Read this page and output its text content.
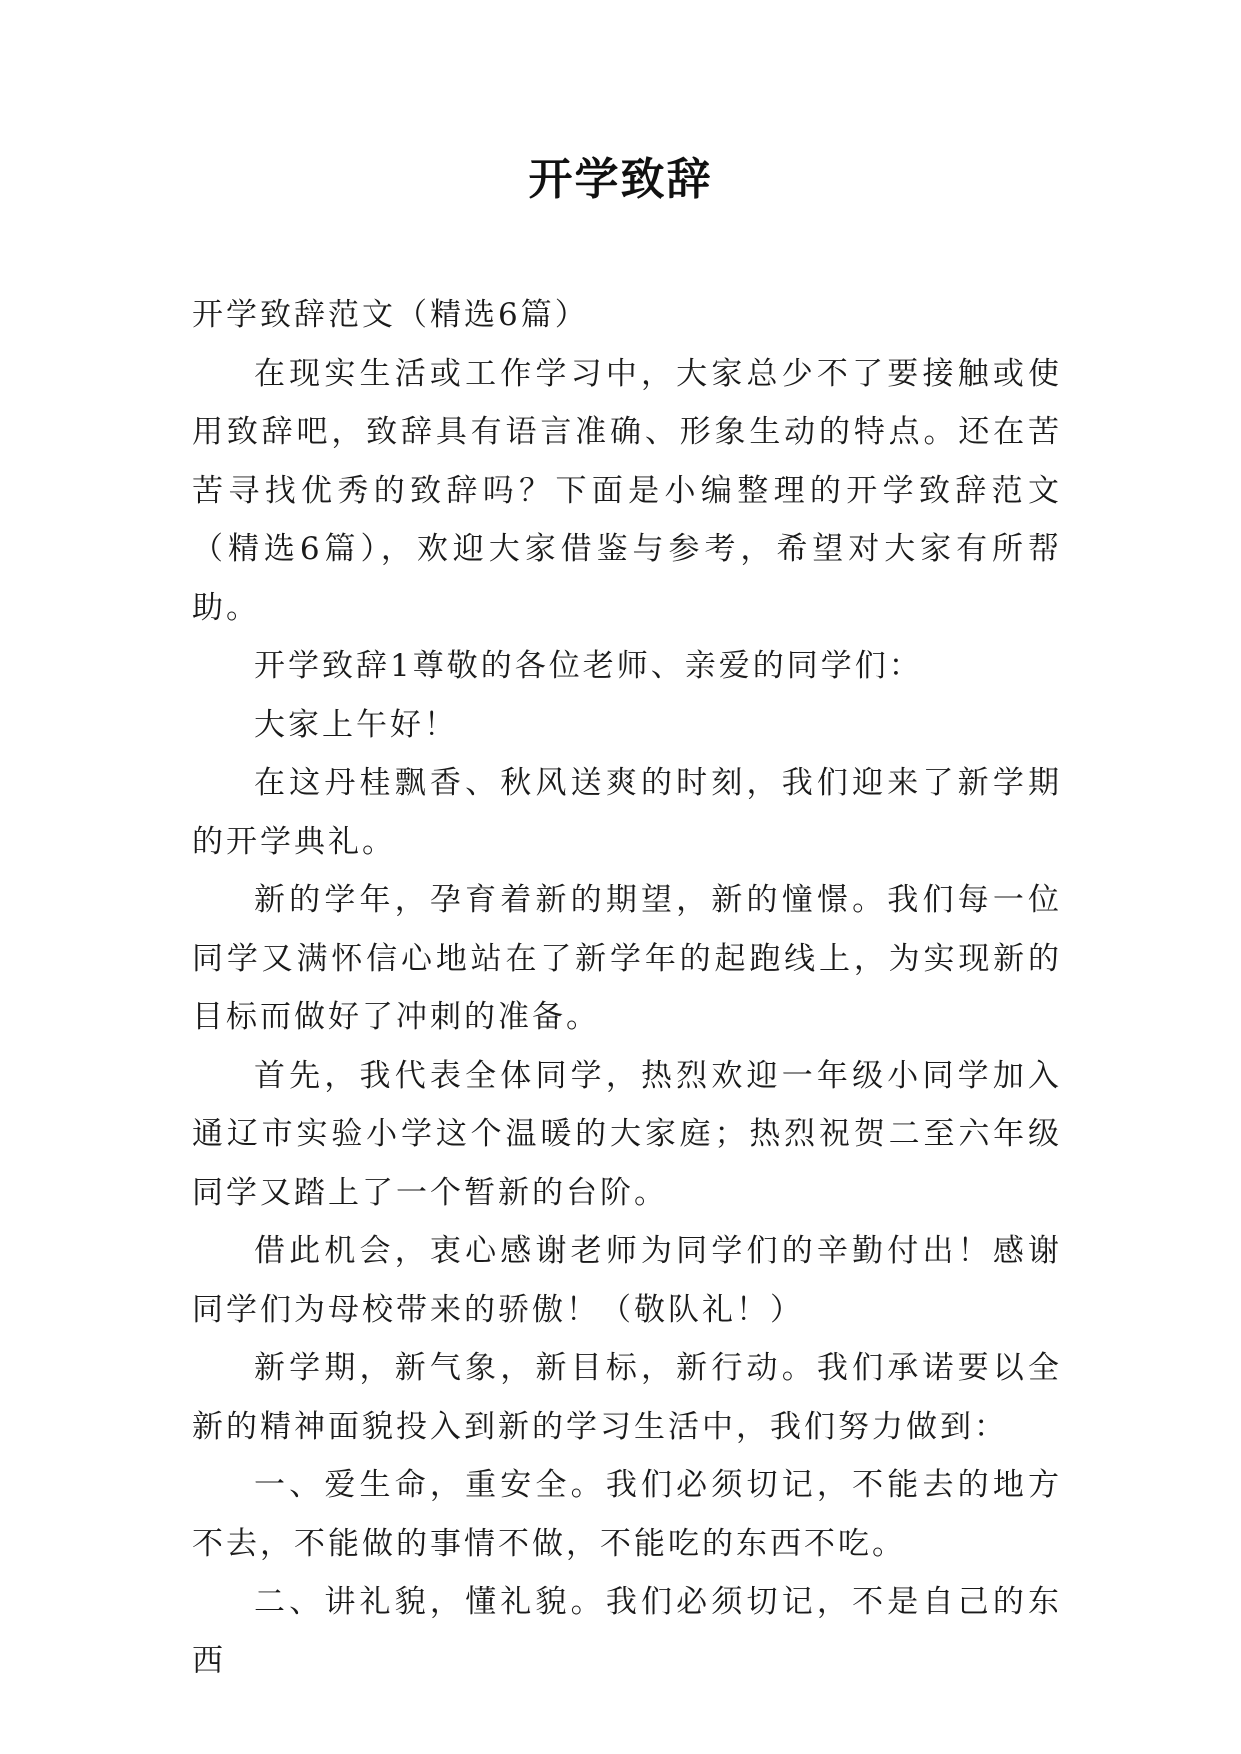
开学致辞

开学致辞范文（精选6篇）

在现实生活或工作学习中，大家总少不了要接触或使用致辞吧，致辞具有语言准确、形象生动的特点。还在苦苦寻找优秀的致辞吗？下面是小编整理的开学致辞范文（精选6篇），欢迎大家借鉴与参考，希望对大家有所帮助。

开学致辞1尊敬的各位老师、亲爱的同学们：

大家上午好！

在这丹桂飘香、秋风送爽的时刻，我们迎来了新学期的开学典礼。

新的学年，孕育着新的期望，新的憧憬。我们每一位同学又满怀信心地站在了新学年的起跑线上，为实现新的目标而做好了冲刺的准备。

首先，我代表全体同学，热烈欢迎一年级小同学加入通辽市实验小学这个温暖的大家庭；热烈祝贺二至六年级同学又踏上了一个暂新的台阶。

借此机会，衷心感谢老师为同学们的辛勤付出！感谢同学们为母校带来的骄傲！（敬队礼！）

新学期，新气象，新目标，新行动。我们承诺要以全新的精神面貌投入到新的学习生活中，我们努力做到：

一、爱生命，重安全。我们必须切记，不能去的地方不去，不能做的事情不做，不能吃的东西不吃。

二、讲礼貌，懂礼貌。我们必须切记，不是自己的东西
